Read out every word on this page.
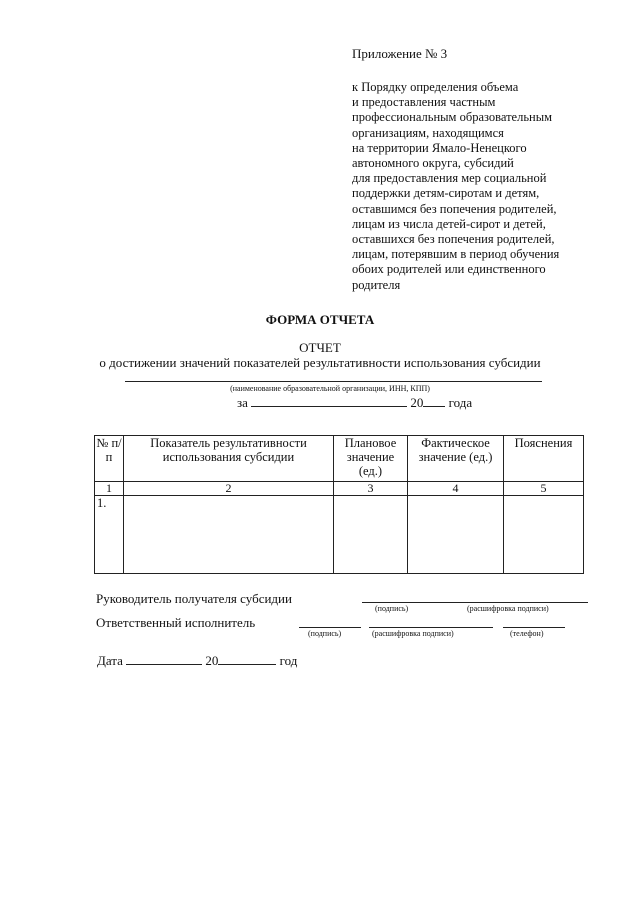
Приложение № 3
к Порядку определения объема
и предоставления частным
профессиональным образовательным
организациям, находящимся
на территории Ямало-Ненецкого
автономного округа, субсидий
для предоставления мер социальной
поддержки детям-сиротам и детям,
оставшимся без попечения родителей,
лицам из числа детей-сирот и детей,
оставшихся без попечения родителей,
лицам, потерявшим в период обучения
обоих родителей или единственного
родителя
ФОРМА ОТЧЕТА
ОТЧЕТ
о достижении значений показателей результативности использования субсидии
(наименование образовательной организации, ИНН, КПП)
за	20 года
№ п/п	Показатель результативности использования субсидии	Плановое значение (ед.)	Фактическое значение (ед.)	Пояснения
1	2	3	4	5
1.				
Руководитель получателя субсидии
(подпись)	(расшифровка подписи)
Ответственный исполнитель
(подпись)	(расшифровка подписи)	(телефон)
Дата	20	год
